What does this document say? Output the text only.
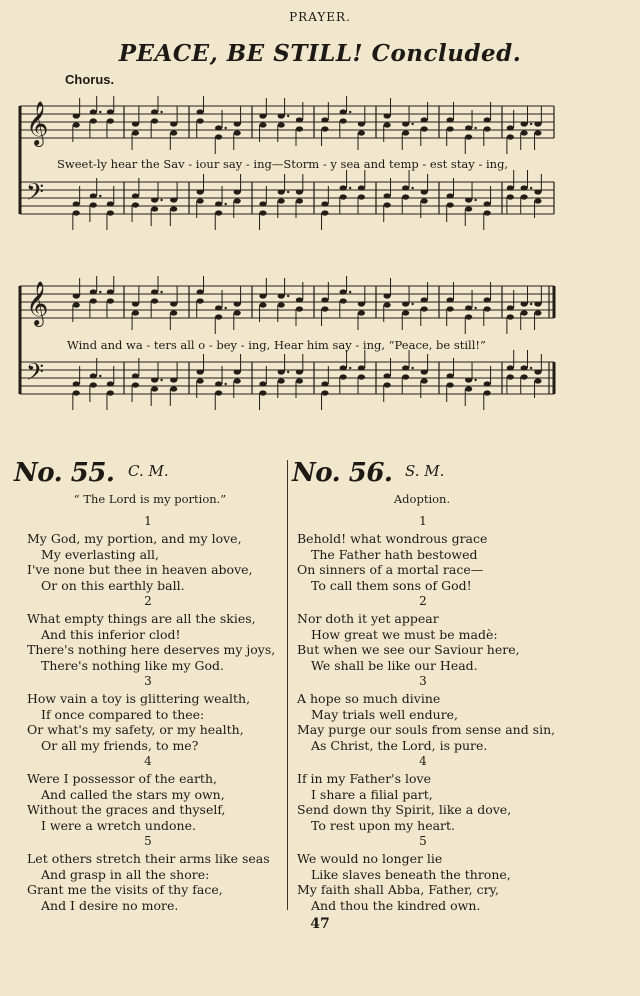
PRAYER.
PEACE, BE STILL! Concluded.
Chorus.
𝄞
𝄢
Sweet-ly hear the Sav - iour say - ing—Storm - y sea and temp - est stay - ing,
𝄞
𝄢
Wind and wa - ters all o - bey - ing, Hear him say - ing, “Peace, be still!”
No. 55. C. M.
“ The Lord is my portion.”
No. 56. S. M.
Adoption.
1
My God, my portion, and my love,
My everlasting all,
I've none but thee in heaven above,
Or on this earthly ball.
2
What empty things are all the skies,
And this inferior clod!
There's nothing here deserves my joys,
There's nothing like my God.
3
How vain a toy is glittering wealth,
If once compared to thee:
Or what's my safety, or my health,
Or all my friends, to me?
4
Were I possessor of the earth,
And called the stars my own,
Without the graces and thyself,
I were a wretch undone.
5
Let others stretch their arms like seas
And grasp in all the shore:
Grant me the visits of thy face,
And I desire no more.
1
Behold! what wondrous grace
The Father hath bestowed
On sinners of a mortal race—
To call them sons of God!
2
Nor doth it yet appear
How great we must be madè:
But when we see our Saviour here,
We shall be like our Head.
3
A hope so much divine
May trials well endure,
May purge our souls from sense and sin,
As Christ, the Lord, is pure.
4
If in my Father's love
I share a filial part,
Send down thy Spirit, like a dove,
To rest upon my heart.
5
We would no longer lie
Like slaves beneath the throne,
My faith shall Abba, Father, cry,
And thou the kindred own.
47
